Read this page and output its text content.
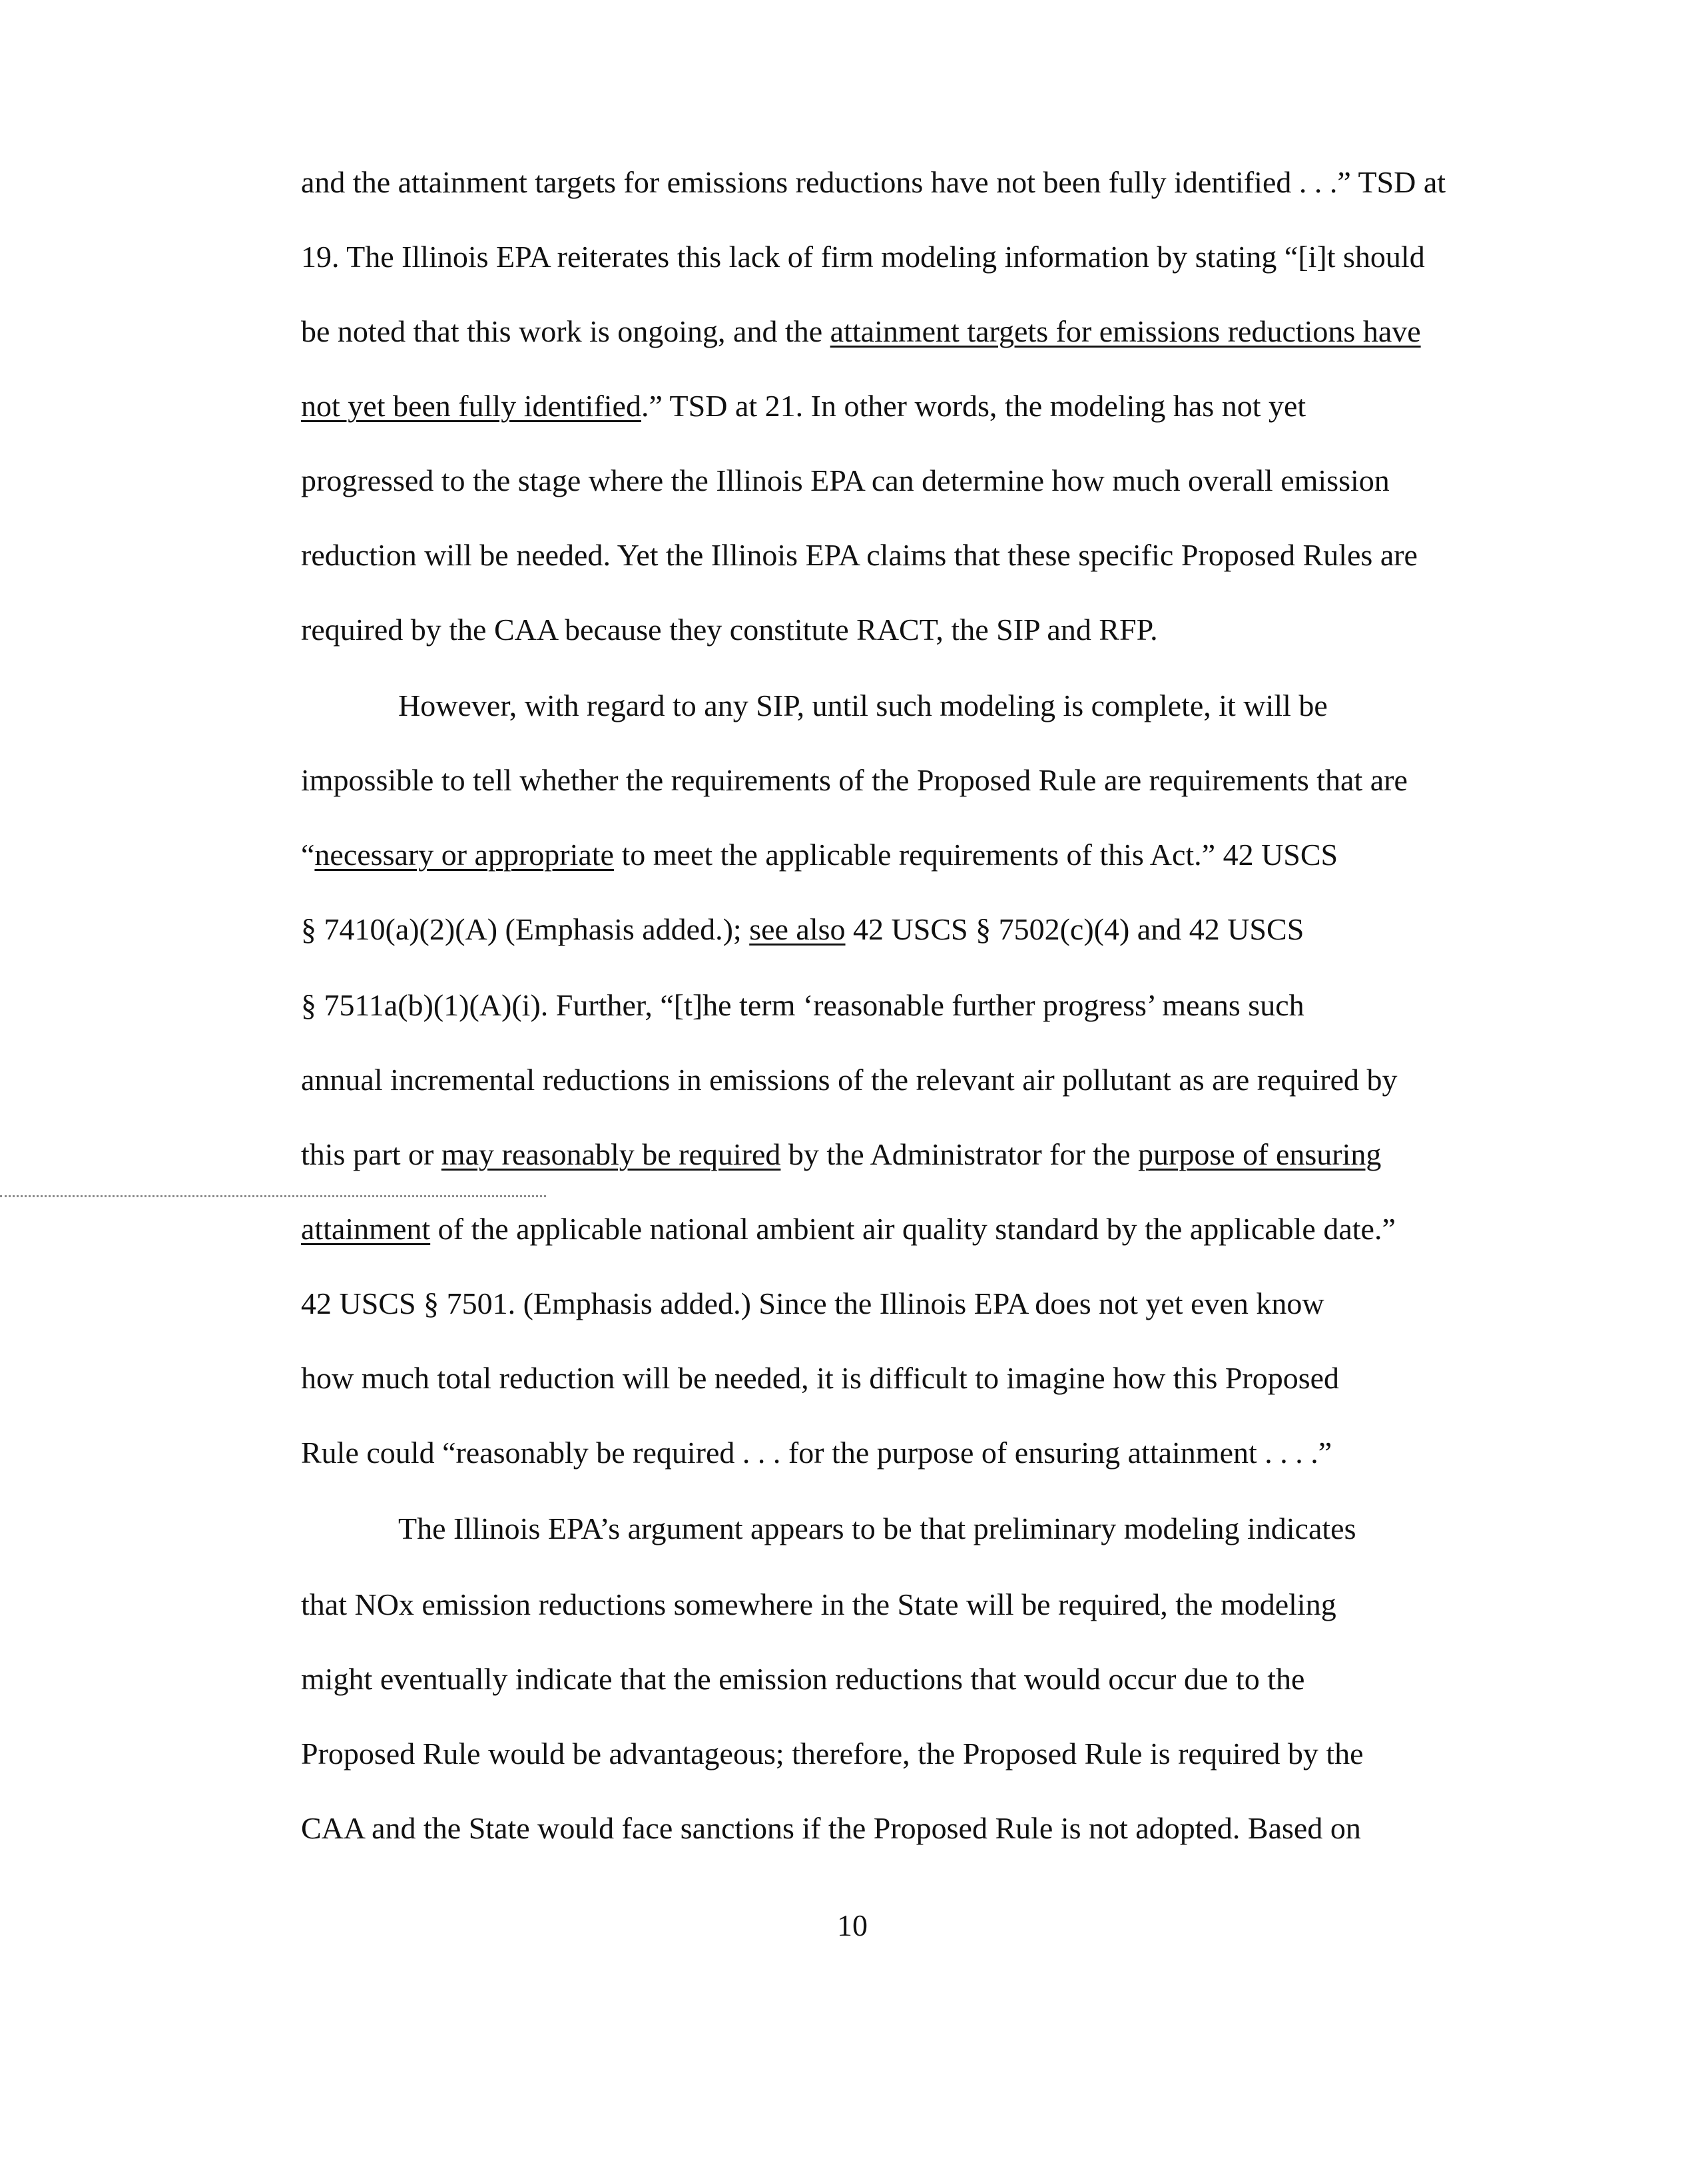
10
and the attainment targets for emissions reductions have not been fully identified . . .” TSD at
19. The Illinois EPA reiterates this lack of firm modeling information by stating “[i]t should
be noted that this work is ongoing, and the attainment targets for emissions reductions have
not yet been fully identified.” TSD at 21. In other words, the modeling has not yet
progressed to the stage where the Illinois EPA can determine how much overall emission
reduction will be needed. Yet the Illinois EPA claims that these specific Proposed Rules are
required by the CAA because they constitute RACT, the SIP and RFP.
However, with regard to any SIP, until such modeling is complete, it will be
impossible to tell whether the requirements of the Proposed Rule are requirements that are
“necessary or appropriate to meet the applicable requirements of this Act.” 42 USCS
§ 7410(a)(2)(A) (Emphasis added.); see also 42 USCS § 7502(c)(4) and 42 USCS
§ 7511a(b)(1)(A)(i). Further, “[t]he term ‘reasonable further progress’ means such
annual incremental reductions in emissions of the relevant air pollutant as are required by
this part or may reasonably be required by the Administrator for the purpose of ensuring
attainment of the applicable national ambient air quality standard by the applicable date.”
42 USCS § 7501. (Emphasis added.) Since the Illinois EPA does not yet even know
how much total reduction will be needed, it is difficult to imagine how this Proposed
Rule could “reasonably be required . . . for the purpose of ensuring attainment . . . .”
The Illinois EPA’s argument appears to be that preliminary modeling indicates
that NOx emission reductions somewhere in the State will be required, the modeling
might eventually indicate that the emission reductions that would occur due to the
Proposed Rule would be advantageous; therefore, the Proposed Rule is required by the
CAA and the State would face sanctions if the Proposed Rule is not adopted. Based on
